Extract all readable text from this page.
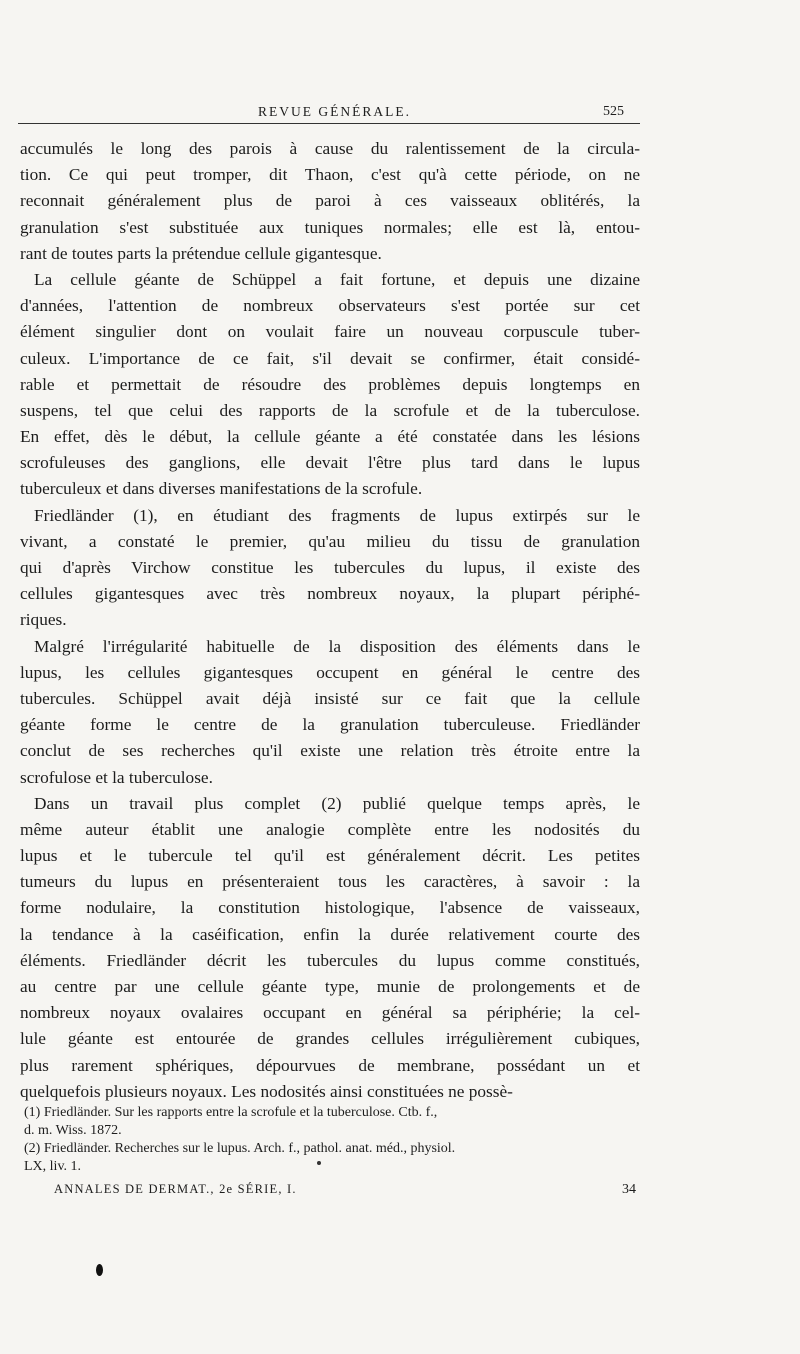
REVUE GÉNÉRALE.	525
accumulés le long des parois à cause du ralentissement de la circula-
tion. Ce qui peut tromper, dit Thaon, c'est qu'à cette période, on ne
reconnait généralement plus de paroi à ces vaisseaux oblitérés, la
granulation s'est substituée aux tuniques normales; elle est là, entou-
rant de toutes parts la prétendue cellule gigantesque.
La cellule géante de Schüppel a fait fortune, et depuis une dizaine
d'années, l'attention de nombreux observateurs s'est portée sur cet
élément singulier dont on voulait faire un nouveau corpuscule tuber-
culeux. L'importance de ce fait, s'il devait se confirmer, était considé-
rable et permettait de résoudre des problèmes depuis longtemps en
suspens, tel que celui des rapports de la scrofule et de la tuberculose.
En effet, dès le début, la cellule géante a été constatée dans les lésions
scrofuleuses des ganglions, elle devait l'être plus tard dans le lupus
tuberculeux et dans diverses manifestations de la scrofule.
Friedländer (1), en étudiant des fragments de lupus extirpés sur le
vivant, a constaté le premier, qu'au milieu du tissu de granulation
qui d'après Virchow constitue les tubercules du lupus, il existe des
cellules gigantesques avec très nombreux noyaux, la plupart périphé-
riques.
Malgré l'irrégularité habituelle de la disposition des éléments dans le
lupus, les cellules gigantesques occupent en général le centre des
tubercules. Schüppel avait déjà insisté sur ce fait que la cellule
géante forme le centre de la granulation tuberculeuse. Friedländer
conclut de ses recherches qu'il existe une relation très étroite entre la
scrofulose et la tuberculose.
Dans un travail plus complet (2) publié quelque temps après, le
même auteur établit une analogie complète entre les nodosités du
lupus et le tubercule tel qu'il est généralement décrit. Les petites
tumeurs du lupus en présenteraient tous les caractères, à savoir : la
forme nodulaire, la constitution histologique, l'absence de vaisseaux,
la tendance à la caséification, enfin la durée relativement courte des
éléments. Friedländer décrit les tubercules du lupus comme constitués,
au centre par une cellule géante type, munie de prolongements et de
nombreux noyaux ovalaires occupant en général sa périphérie; la cel-
lule géante est entourée de grandes cellules irrégulièrement cubiques,
plus rarement sphériques, dépourvues de membrane, possédant un et
quelquefois plusieurs noyaux. Les nodosités ainsi constituées ne possè-
(1) Friedländer. Sur les rapports entre la scrofule et la tuberculose. Ctb. f.,
d. m. Wiss. 1872.
(2) Friedländer. Recherches sur le lupus. Arch. f., pathol. anat. méd., physiol.
LX, liv. 1.
ANNALES DE DERMAT., 2e SÉRIE, I.	34
